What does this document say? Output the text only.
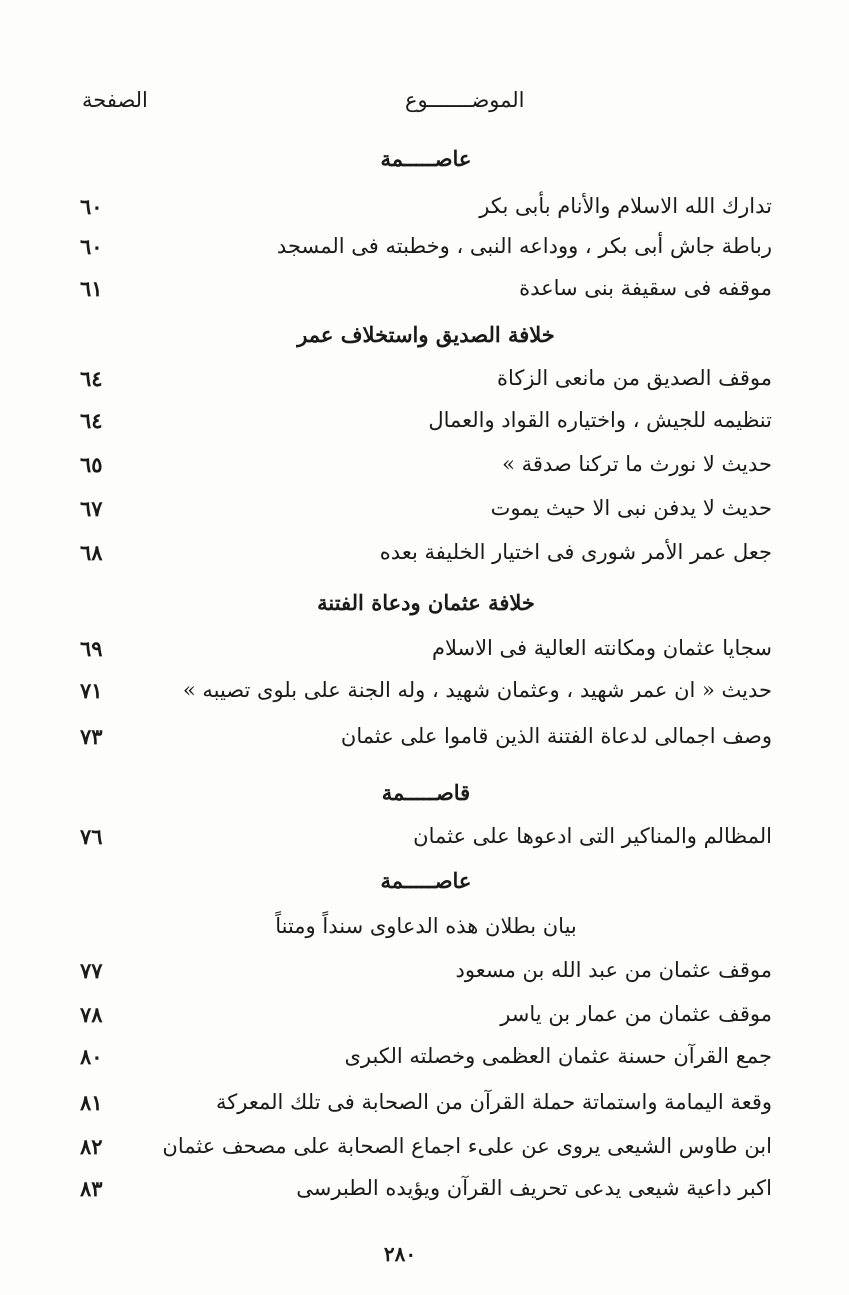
الموضـــــــوع
الصفحة
عاصـــــمة
تدارك الله الاسلام والأنام بأبى بكر
٦٠
رباطة جاش أبى بكر ، ووداعه النبى ، وخطبته فى المسجد
٦٠
موقفه فى سقيفة بنى ساعدة
٦١
خلافة الصديق واستخلاف عمر
موقف الصديق من مانعى الزكاة
٦٤
تنظيمه للجيش ، واختياره القواد والعمال
٦٤
حديث لا نورث ما تركنا صدقة »
٦٥
حديث لا يدفن نبى الا حيث يموت
٦٧
جعل عمر الأمر شورى فى اختيار الخليفة بعده
٦٨
خلافة عثمان ودعاة الفتنة
سجايا عثمان ومكانته العالية فى الاسلام
٦٩
حديث « ان عمر شهيد ، وعثمان شهيد ، وله الجنة على بلوى تصيبه »
٧١
وصف اجمالى لدعاة الفتنة الذين قاموا على عثمان
٧٣
قاصـــــمة
المظالم والمناكير التى ادعوها على عثمان
٧٦
عاصـــــمة
بيان بطلان هذه الدعاوى سنداً ومتناً
موقف عثمان من عبد الله بن مسعود
٧٧
موقف عثمان من عمار بن ياسر
٧٨
جمع القرآن حسنة عثمان العظمى وخصلته الكبرى
٨٠
وقعة اليمامة واستماتة حملة القرآن من الصحابة فى تلك المعركة
٨١
ابن طاوس الشيعى يروى عن علىء اجماع الصحابة على مصحف عثمان
٨٢
اكبر داعية شيعى يدعى تحريف القرآن ويؤيده الطبرسى
٨٣
٢٨٠
